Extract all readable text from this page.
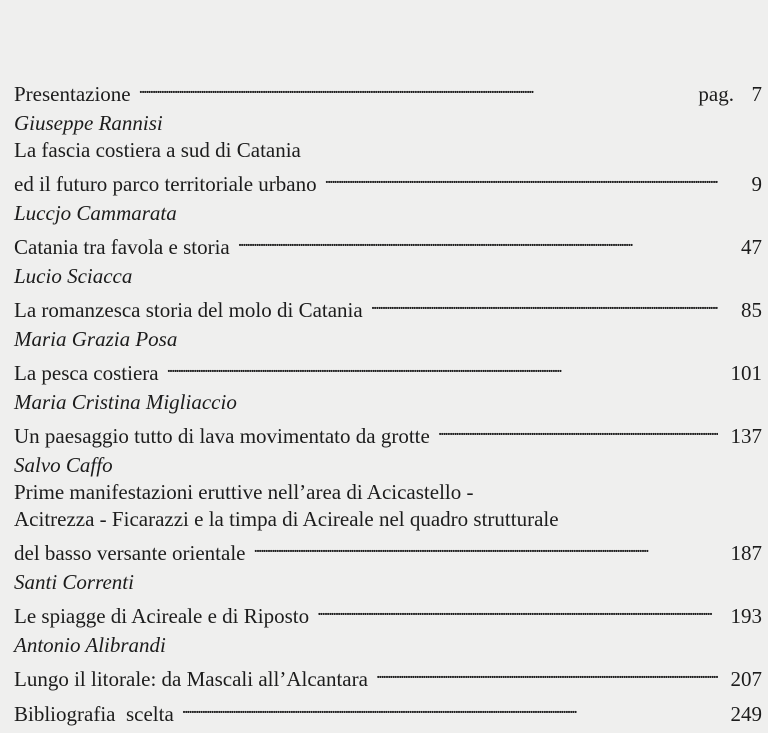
Presentazione . . .	pag. 7
Giuseppe Rannisi
La fascia costiera a sud di Catania
ed il futuro parco territoriale urbano . . .	9
Luccjo Cammarata
Catania tra favola e storia . . .	47
Lucio Sciacca
La romanzesca storia del molo di Catania . . .	85
Maria Grazia Posa
La pesca costiera . . .	101
Maria Cristina Migliaccio
Un paesaggio tutto di lava movimentato da grotte . . .	137
Salvo Caffo
Prime manifestazioni eruttive nell’area di Acicastello -
Acitrezza - Ficarazzi e la timpa di Acireale nel quadro strutturale
del basso versante orientale . . .	187
Santi Correnti
Le spiagge di Acireale e di Riposto . . .	193
Antonio Alibrandi
Lungo il litorale: da Mascali all’Alcantara . . .	207
Bibliografia  scelta . . .	249
